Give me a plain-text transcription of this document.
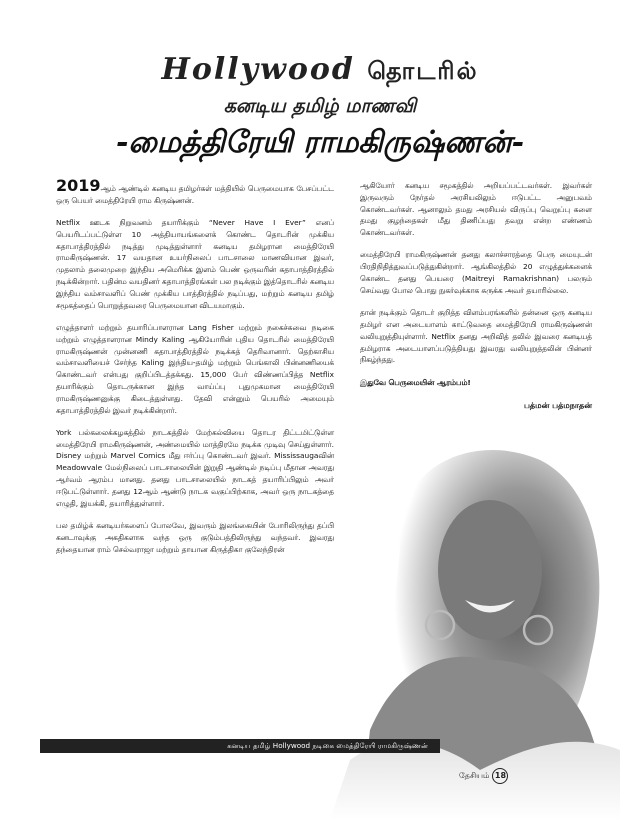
Hollywood தொடரில்
கனடிய தமிழ் மாணவி
-மைத்திரேயி ராமகிருஷ்ணன்-

2019ஆம் ஆண்டில் கனடிய தமிழர்கள் மத்தியில் பெருமையாக பேசப்பட்ட ஒரு பெயர் மைத்திரேயி ராம கிருஷ்ணன்.

Netflix ஊடக நிறுவனம் தயாரிக்கும் “Never Have I Ever” எனப் பெயரிடப்பட்டுள்ள 10 அத்தியாயங்களைக் கொண்ட தொடரின் முக்கிய கதாபாத்திரத்தில் நடித்து முடித்துள்ளார் கனடிய தமிழரான மைத்திரேயி ராமகிருஷ்ணன். 17 வயதான உயர்நிலைப் பாடசாலை மாணவியான இவர், முதலாம் தலைமுறை இந்திய அமெரிக்க இளம் பெண் ஒருவரின் கதாபாத்திரத்தில் நடிக்கின்றார். பதின்ம வயதினர் கதாபாத்திரங்கள் பல நடிக்கும் இத்தொடரில் கனடிய இந்திய வம்சாவளிப் பெண் முக்கிய பாத்திரத்தில் நடிப்பது, மற்றும் கனடிய தமிழ் சமூகத்தைப் பொறுத்தவரை பெருமையான விடயமாகும்.

எழுத்தாளர் மற்றும் தயாரிப்பாளரான Lang Fisher மற்றும் நகைச்சுவை நடிகை மற்றும் எழுத்தாளரான Mindy Kaling ஆகியோரின் புதிய தொடரில் மைத்திரேயி ராமகிருஷ்ணன் முன்னணி கதாபாத்திரத்தில் நடிக்கத் தெரிவானார். தெற்காசிய வம்சாவளியைச் சேர்ந்த Kaling இந்திய-தமிழ் மற்றும் பெங்காலி பின்னணியைக் கொண்டவர் என்பது குறிப்பிடத்தக்கது. 15,000 பேர் விண்ணப்பித்த Netflix தயாரிக்கும் தொடருக்கான இந்த வாய்ப்பு புதுமுகமான மைத்திரேயி ராமகிருஷ்ணனுக்கு கிடைத்துள்ளது. தேவி என்னும் பெயரில் அமையும் கதாபாத்திரத்தில் இவர் நடிக்கின்றார்.

York பல்கலைக்கழகத்தில் நாடகத்தில் மேற்கல்வியை தொடர திட்டமிட்டுள்ள மைத்திரேயி ராமகிருஷ்ணன், அண்மையில் மாத்திரமே நடிக்க முடிவு செய்துள்ளார். Disney மற்றும் Marvel Comics மீது ஈர்ப்பு கொண்டவர் இவர். Mississaugaவின் Meadowvale மேல்நிலைப் பாடசாலையின் இறுதி ஆண்டில் நடிப்பு மீதான அவரது ஆர்வம் ஆரம்ப மானது. தனது பாடசாலையில் நாடகத் தயாரிப்பிலும் அவர் ஈடுபட்டுள்ளார். தனது 12ஆம் ஆண்டு நாடக வகுப்பிற்காக, அவர் ஒரு நாடகத்தை எழுதி, இயக்கி, தயாரித்துள்ளார்.

பல தமிழ்க் கனடியர்களைப் போலவே, இவரும் இலங்கையின் போரிலிருந்து தப்பி கனடாவுக்கு அகதிகளாக வந்த ஒரு குடும்பத்திலிருந்து வந்தவர். இவரது தந்தையான ராம் செல்வராஜா மற்றும் தாயான கிருத்திகா குலேந்திரன்

ஆகியோர் கனடிய சமூகத்தில் அறியப்பட்டவர்கள். இவர்கள் இருவரும் நேர்தல் அரசியலிலும் ஈடுபட்ட அனுபவம் கொண்டவர்கள். ஆனாலும் தமது அரசியல் விருப்பு வெறுப்பு களை தமது குழந்தைகள் மீது திணிப்பது தவறு என்ற எண்ணம் கொண்டவர்கள்.

மைத்திரேயி ராமகிருஷ்ணன் தனது கலாச்சாரத்தை பெரு மையுடன் பிரதிநிதித்துவப்படுத்துகின்றார். ஆங்கிலத்தில் 20 எழுத்துக்களைக் கொண்ட தனது பெயரை (Maitreyi Ramakrishnan) பலரும் செய்வது போல பொது நுகர்வுக்காக சுருக்க அவர் தயாரில்லை.

தான் நடிக்கும் தொடர் குறித்த விளம்பரங்களில் தன்னை ஒரு கனடிய தமிழர் என அடையாளம் காட்டுவதை மைத்திரேயி ராமகிருஷ்ணன் வலியுறுத்தியுள்ளார். Netflix தனது அறிவித் தலில் இவரை கனடியத் தமிழராக அடையாளப்படுத்தியது இவரது வலியுறுத்தலின் பின்னர் நிகழ்ந்தது.

இதுவே பெருமையின் ஆரம்பம்!

பத்மன் பத்மநாதன்
கனடிய தமிழ் Hollywood நடிகை மைத்திரேயி ராமகிருஷ்ணன்
தேசியம் 18
